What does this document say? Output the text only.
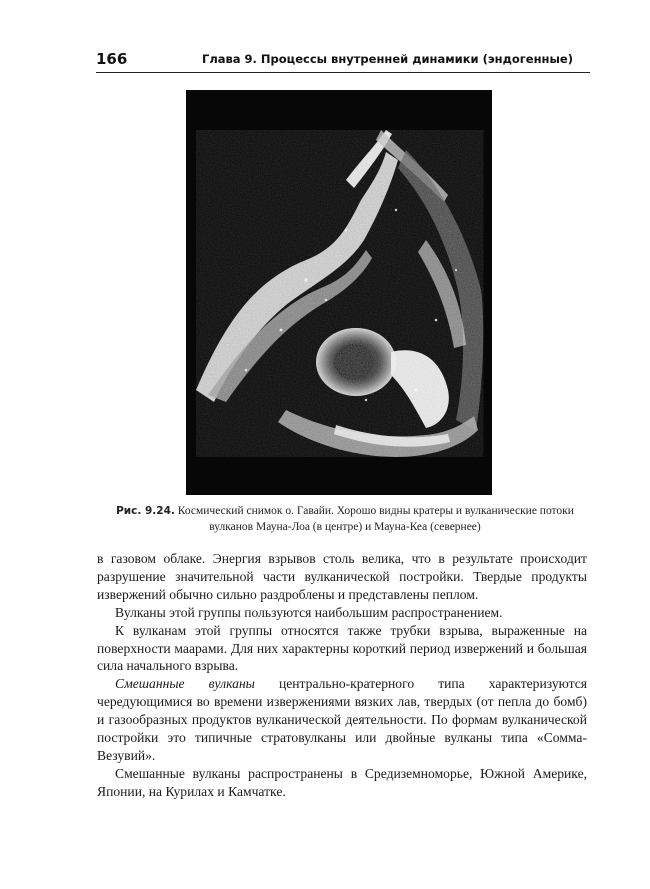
166	Глава 9. Процессы внутренней динамики (эндогенные)
Рис. 9.24. Космический снимок о. Гавайи. Хорошо видны кратеры и вулканические потоки вулканов Мауна-Лоа (в центре) и Мауна-Кеа (севернее)

в газовом облаке. Энергия взрывов столь велика, что в результате происходит разрушение значительной части вулканической постройки. Твердые продукты извержений обычно сильно раздроблены и представлены пеплом.

Вулканы этой группы пользуются наибольшим распространением.

К вулканам этой группы относятся также трубки взрыва, выраженные на поверхности маарами. Для них характерны короткий период извержений и большая сила начального взрыва.

Смешанные вулканы центрально-кратерного типа характеризуются чередующимися во времени извержениями вязких лав, твердых (от пепла до бомб) и газообразных продуктов вулканической деятельности. По формам вулканической постройки это типичные стратовулканы или двойные вулканы типа «Сомма-Везувий».

Смешанные вулканы распространены в Средиземноморье, Южной Америке, Японии, на Курилах и Камчатке.
